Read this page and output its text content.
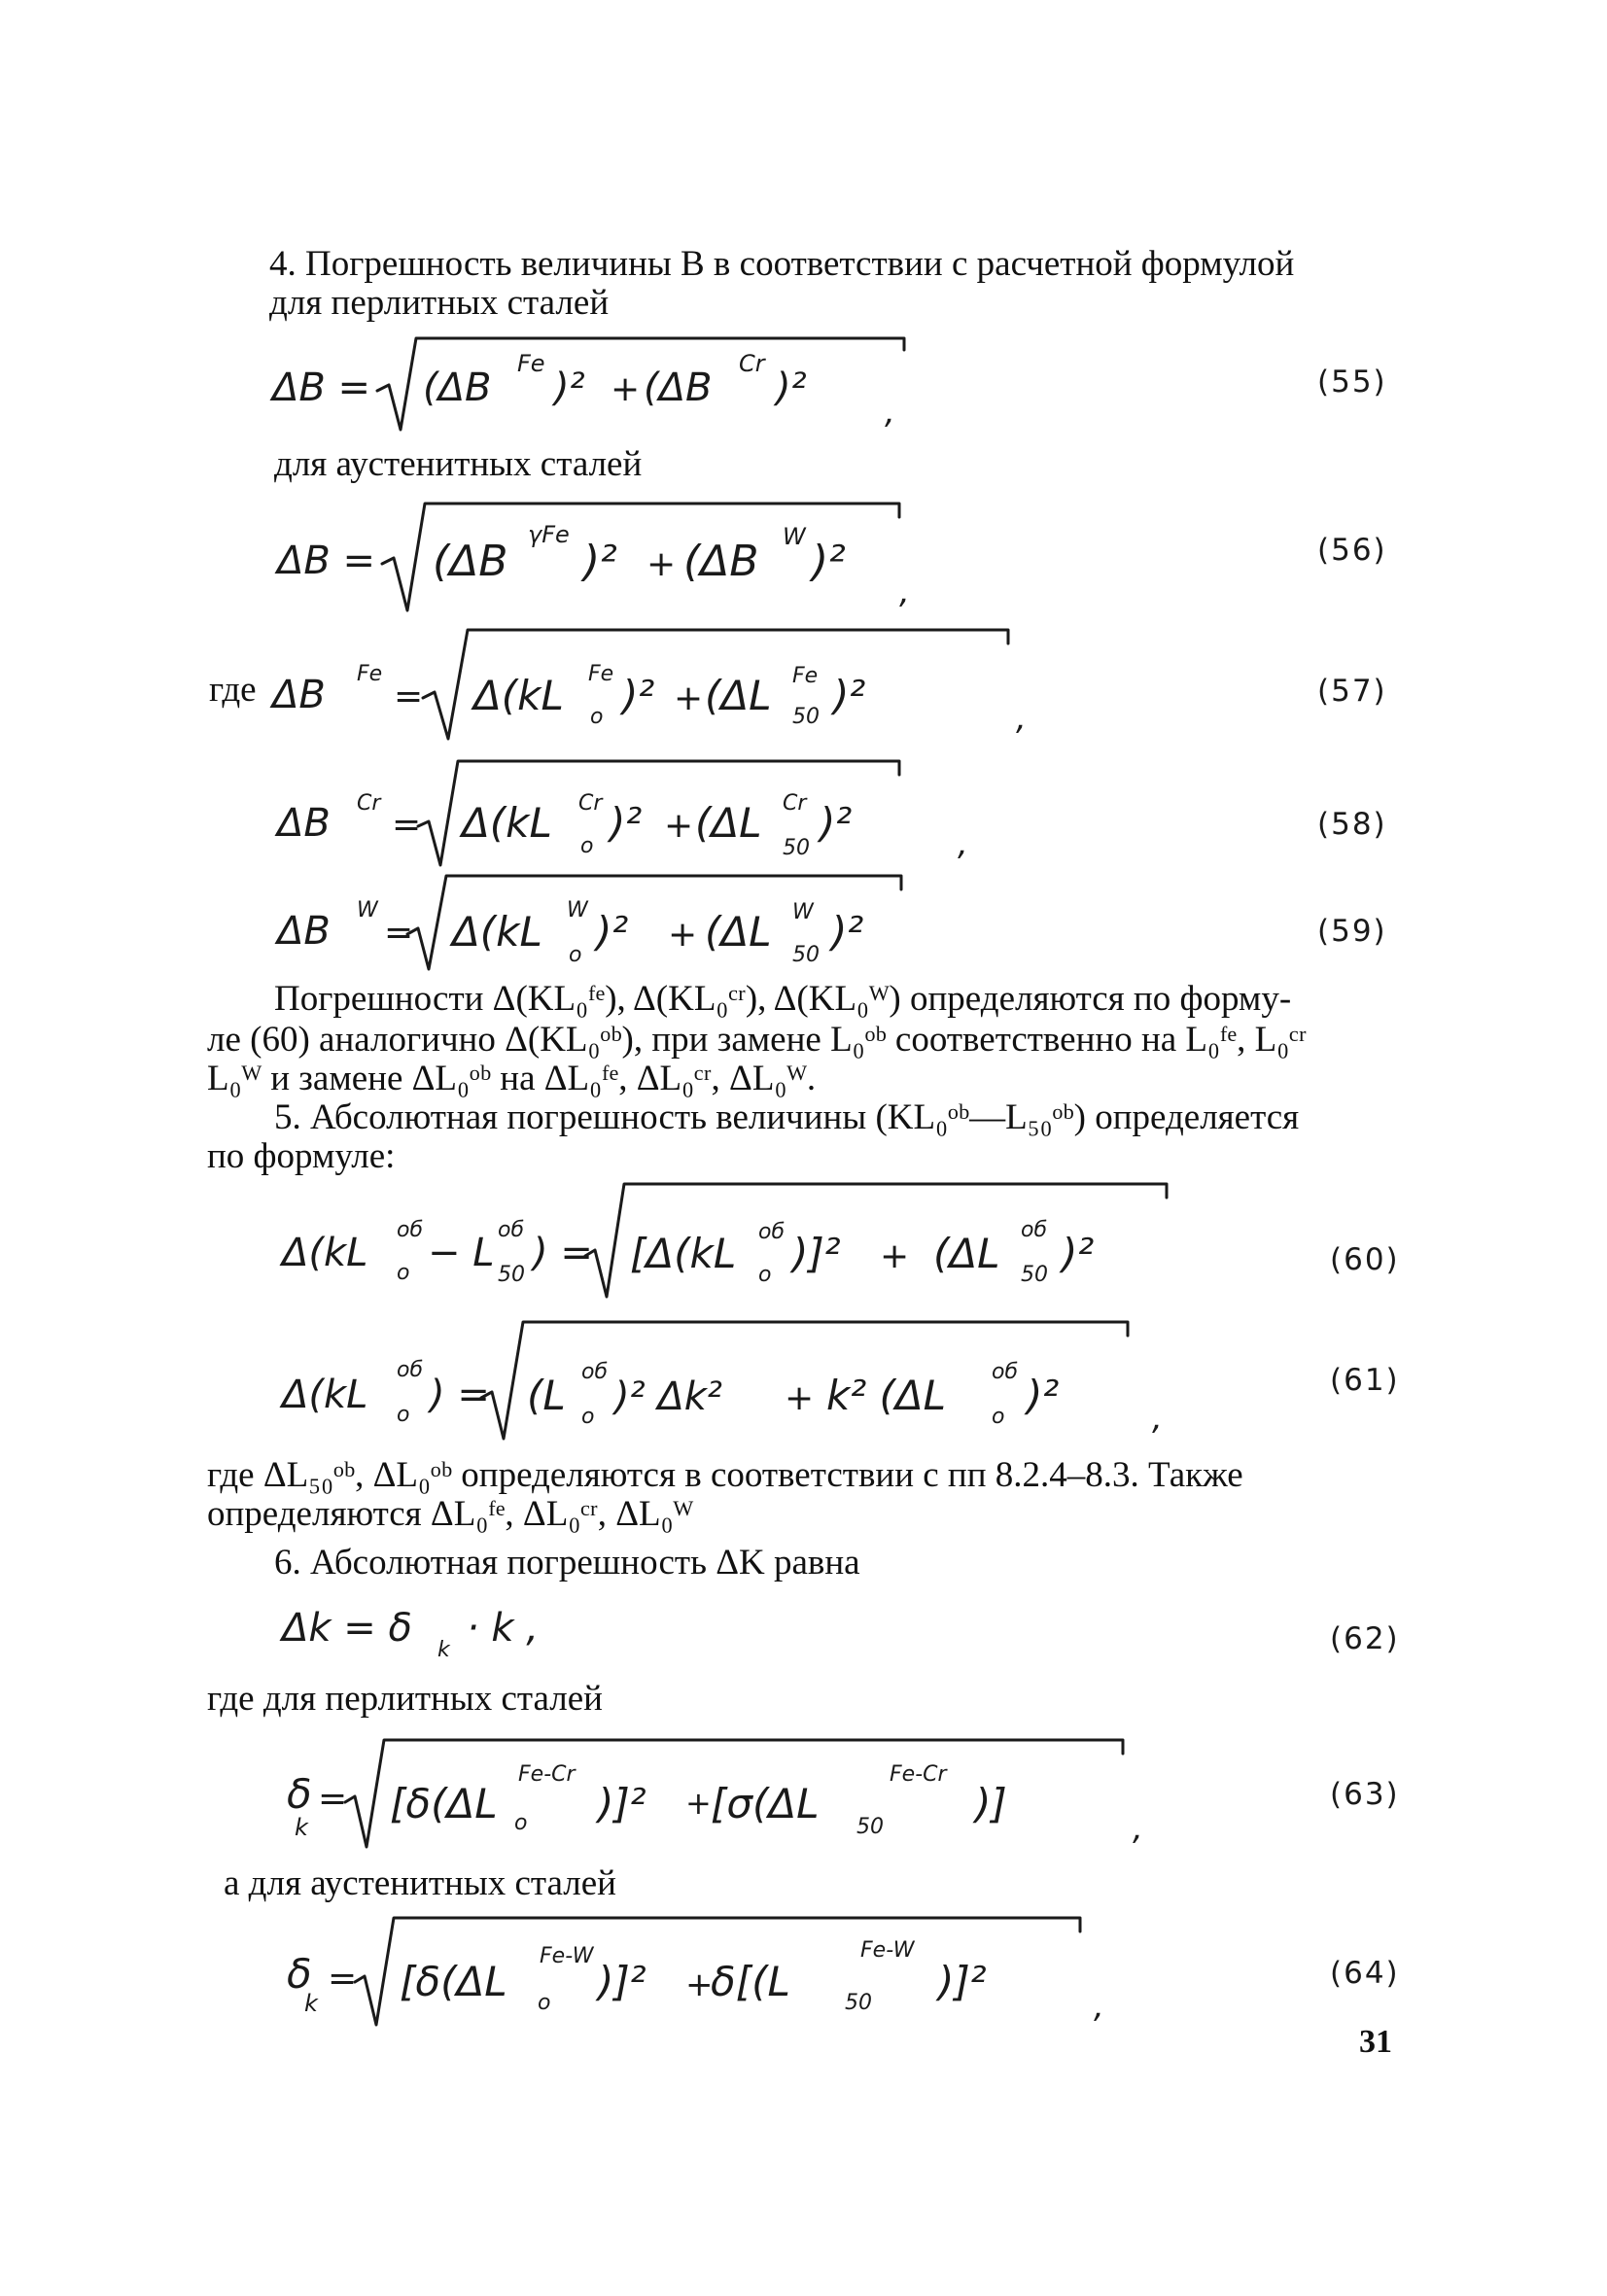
4. Погрешность величины B в соответствии с расчетной формулой

для перлитных сталей

ΔB = (ΔB
Fe
)² + (ΔB
Cr
)²
,
(55)

для аустенитных сталей

ΔB = (ΔB
γFe
)² + (ΔB W )²
,
(56)
где ΔB Fe
= Δ(kL Fe
o )² + (ΔL Fe
50 )²	,
(57)
ΔB Cr
= Δ(kL Cr
o )² + (ΔL Cr
50
)²	,	(58)
ΔB W
= Δ(kL W
o )² + (ΔL W
50 )²	(59)

Погрешности Δ(KL₀ᶠᵉ), Δ(KL₀ᶜʳ), Δ(KL₀ᵂ) определяются по форму-

ле (60) аналогично Δ(KL₀ᵒᵇ), при замене L₀ᵒᵇ соответственно на L₀ᶠᵉ, L₀ᶜʳ

L₀ᵂ и замене ΔL₀ᵒᵇ на ΔL₀ᶠᵉ, ΔL₀ᶜʳ, ΔL₀ᵂ.

5. Абсолютная погрешность величины (KL₀ᵒᵇ—L₅₀ᵒᵇ) определяется

по формуле:

Δ(kL
об
o − L
об
50 ) = [Δ(kL об
o )]² + (ΔL об
50 )²	(60)
Δ(kL
об
o ) = (L об
o )² Δk² + k² (ΔL об
o )²	,
(61)

где ΔL₅₀ᵒᵇ, ΔL₀ᵒᵇ определяются в соответствии с пп 8.2.4–8.3. Также

определяются ΔL₀ᶠᵉ, ΔL₀ᶜʳ, ΔL₀ᵂ

6. Абсолютная погрешность ΔK равна

Δk = δ k · k ,	(62)

где для перлитных сталей

δ
k
= [δ(ΔL
Fe-Cr
o )]² + [σ(ΔL
Fe-Cr
50 )]
,
(63)

а для аустенитных сталей

δ
k
= [δ(ΔL
Fe-W
o )]² +
δ[(L
Fe-W
50 )]²
,
(64)
31
